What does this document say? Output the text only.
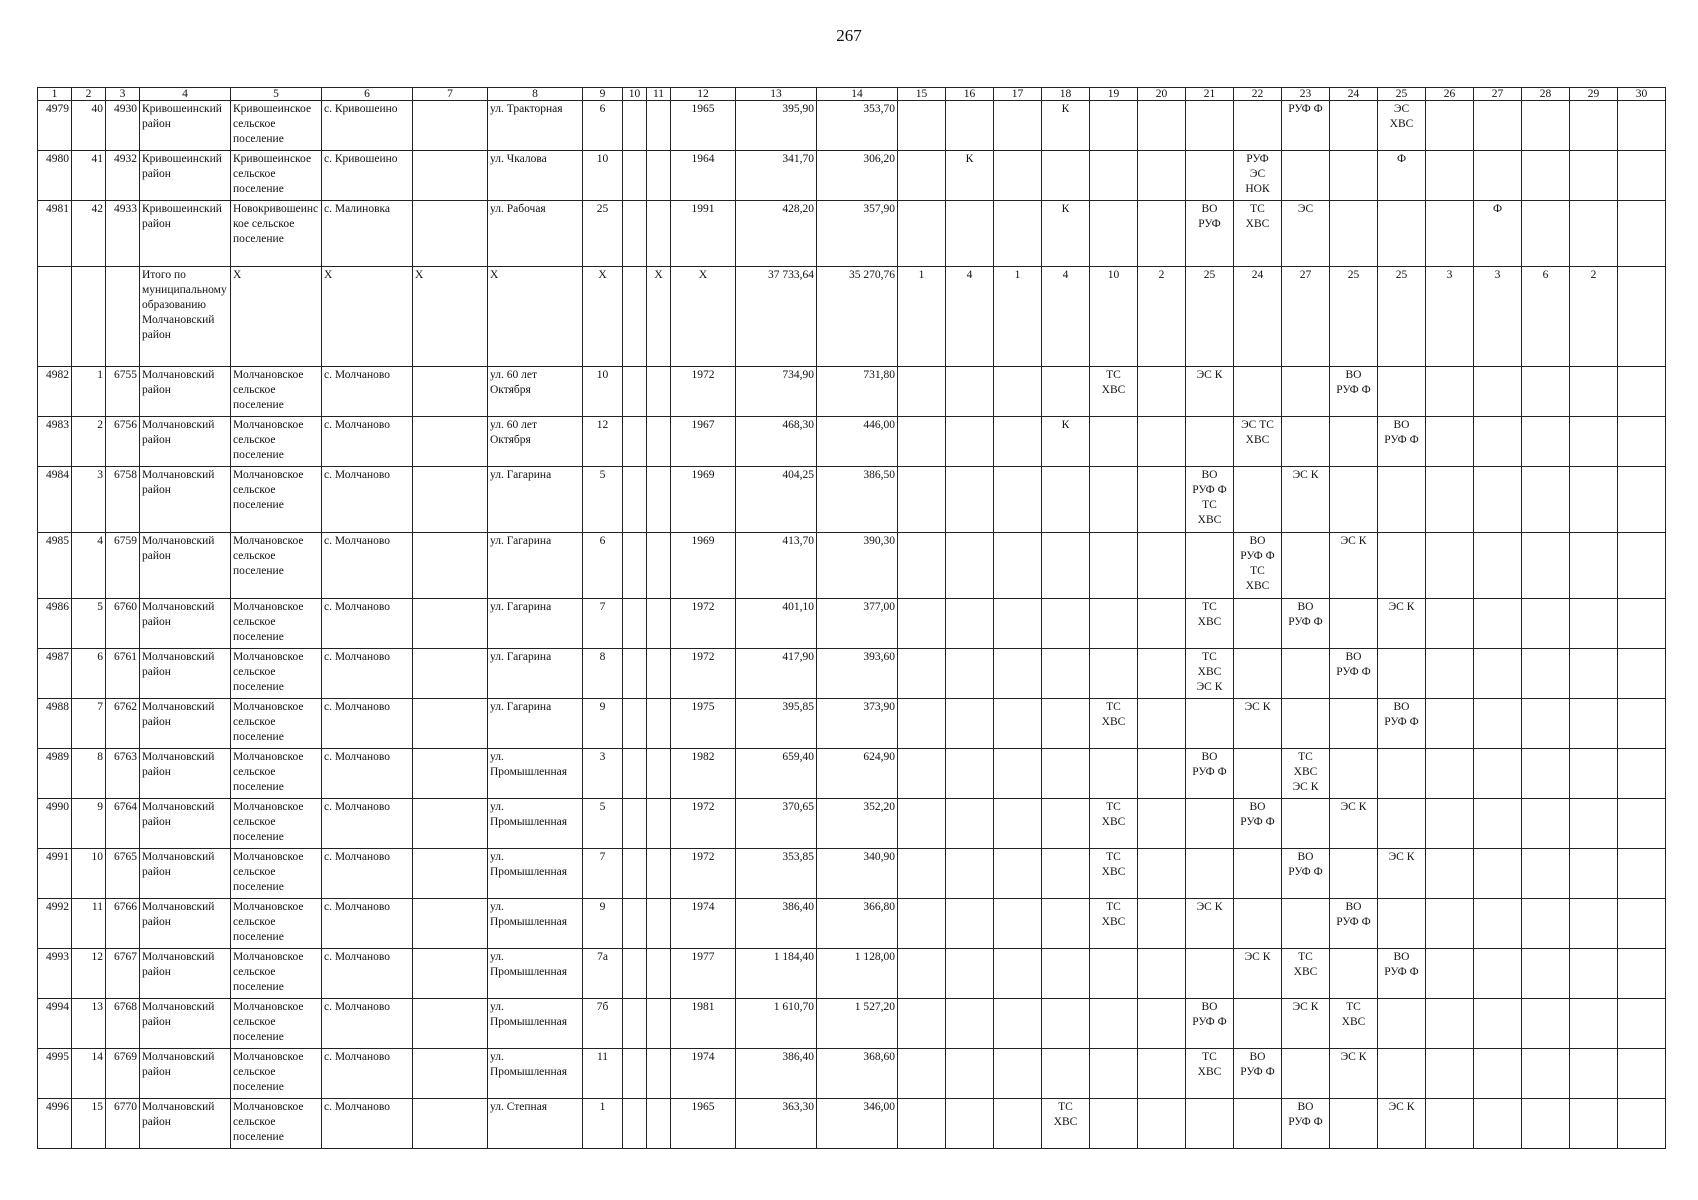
267
1	2	3	4	5	6	7	8	9	10	11	12	13	14	15	16	17	18	19	20	21	22	23	24	25	26	27	28	29	30
4979	40	4930	Кривошеинский район	Кривошеинское сельское поселение	с. Кривошеино		ул. Тракторная	6			1965	395,90	353,70				К					РУФ Ф		ЭС
ХВС					
4980	41	4932	Кривошеинский район	Кривошеинское сельское поселение	с. Кривошеино		ул. Чкалова	10			1964	341,70	306,20		К						РУФ
ЭС
НОК			Ф					
4981	42	4933	Кривошеинский район	Новокривошеинское сельское поселение	с. Малиновка		ул. Рабочая	25			1991	428,20	357,90				К			ВО
РУФ	ТС
ХВС	ЭС				Ф			
			Итого по муниципальному образованию Молчановский район	Х	Х	Х	Х	Х		Х	Х	37 733,64	35 270,76	1	4	1	4	10	2	25	24	27	25	25	3	3	6	2	
4982	1	6755	Молчановский район	Молчановское сельское поселение	с. Молчаново		ул. 60 лет Октября	10			1972	734,90	731,80					ТС
ХВС		ЭС К			ВО
РУФ Ф						
4983	2	6756	Молчановский район	Молчановское сельское поселение	с. Молчаново		ул. 60 лет Октября	12			1967	468,30	446,00				К				ЭС ТС
ХВС			ВО
РУФ Ф					
4984	3	6758	Молчановский район	Молчановское сельское поселение	с. Молчаново		ул. Гагарина	5			1969	404,25	386,50							ВО
РУФ Ф
ТС
ХВС		ЭС К							
4985	4	6759	Молчановский район	Молчановское сельское поселение	с. Молчаново		ул. Гагарина	6			1969	413,70	390,30								ВО
РУФ Ф
ТС
ХВС		ЭС К						
4986	5	6760	Молчановский район	Молчановское сельское поселение	с. Молчаново		ул. Гагарина	7			1972	401,10	377,00							ТС
ХВС		ВО
РУФ Ф		ЭС К					
4987	6	6761	Молчановский район	Молчановское сельское поселение	с. Молчаново		ул. Гагарина	8			1972	417,90	393,60							ТС
ХВС
ЭС К			ВО
РУФ Ф						
4988	7	6762	Молчановский район	Молчановское сельское поселение	с. Молчаново		ул. Гагарина	9			1975	395,85	373,90					ТС
ХВС			ЭС К			ВО
РУФ Ф					
4989	8	6763	Молчановский район	Молчановское сельское поселение	с. Молчаново		ул. Промышленная	3			1982	659,40	624,90							ВО
РУФ Ф		ТС
ХВС
ЭС К							
4990	9	6764	Молчановский район	Молчановское сельское поселение	с. Молчаново		ул. Промышленная	5			1972	370,65	352,20					ТС
ХВС			ВО
РУФ Ф		ЭС К						
4991	10	6765	Молчановский район	Молчановское сельское поселение	с. Молчаново		ул. Промышленная	7			1972	353,85	340,90					ТС
ХВС				ВО
РУФ Ф		ЭС К					
4992	11	6766	Молчановский район	Молчановское сельское поселение	с. Молчаново		ул. Промышленная	9			1974	386,40	366,80					ТС
ХВС		ЭС К			ВО
РУФ Ф						
4993	12	6767	Молчановский район	Молчановское сельское поселение	с. Молчаново		ул. Промышленная	7а			1977	1 184,40	1 128,00								ЭС К	ТС
ХВС		ВО
РУФ Ф					
4994	13	6768	Молчановский район	Молчановское сельское поселение	с. Молчаново		ул. Промышленная	7б			1981	1 610,70	1 527,20							ВО
РУФ Ф		ЭС К	ТС
ХВС						
4995	14	6769	Молчановский район	Молчановское сельское поселение	с. Молчаново		ул. Промышленная	11			1974	386,40	368,60							ТС
ХВС	ВО
РУФ Ф		ЭС К						
4996	15	6770	Молчановский район	Молчановское сельское поселение	с. Молчаново		ул. Степная	1			1965	363,30	346,00				ТС
ХВС					ВО
РУФ Ф		ЭС К					
